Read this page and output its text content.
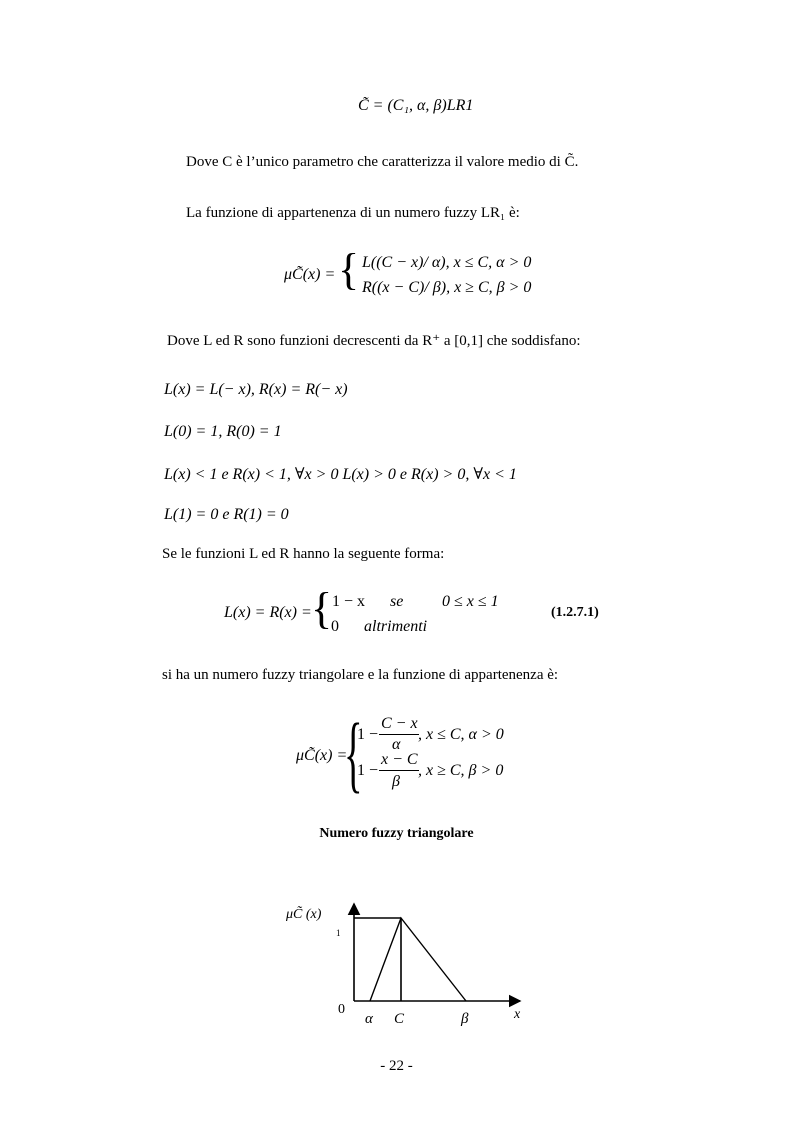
C̃ = (C₁, α, β)LR1
Dove C è l’unico parametro che caratterizza il valore medio di C̃.
La funzione di appartenenza di un numero fuzzy LR₁ è:
μC̃(x) = { L((C − x)/ α), x ≤ C, α > 0
R((x − C)/ β), x ≥ C, β > 0
Dove L ed R sono funzioni decrescenti da R⁺ a [0,1] che soddisfano:
L(x) = L(− x), R(x) = R(− x)
L(0) = 1, R(0) = 1
L(x) < 1 e R(x) < 1, ∀x > 0 L(x) > 0 e R(x) > 0, ∀x < 1
L(1) = 0 e R(1) = 0
Se le funzioni L ed R hanno la seguente forma:
L(x) = R(x) = { 1 − x se 0 ≤ x ≤ 1
0 altrimenti
(1.2.7.1)
si ha un numero fuzzy triangolare e la funzione di appartenenza è:
μC̃(x) =
{
1 −
C − x
α
, x ≤ C, α > 0
1 −
x − C
β
, x ≥ C, β > 0
Numero fuzzy triangolare
α C	β
μC̃ (x)
1
0	x
- 22 -
